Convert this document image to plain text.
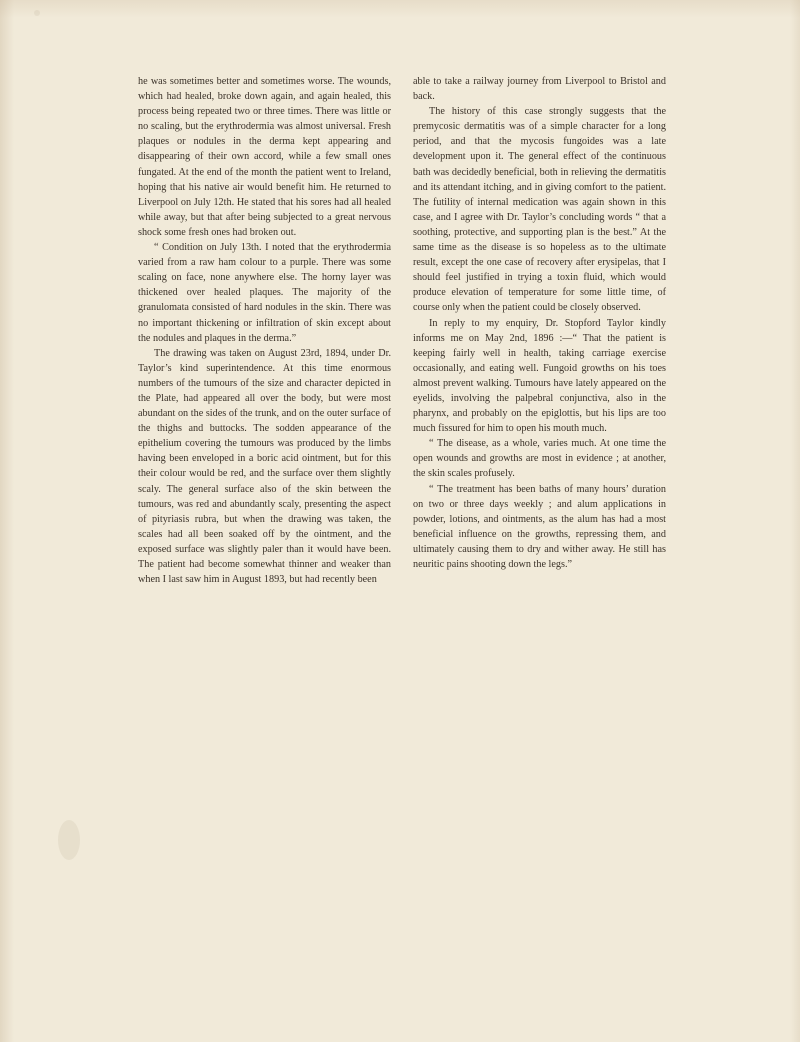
he was sometimes better and sometimes worse. The wounds, which had healed, broke down again, and again healed, this process being repeated two or three times. There was little or no scaling, but the erythrodermia was almost universal. Fresh plaques or nodules in the derma kept appearing and disappearing of their own accord, while a few small ones fungated. At the end of the month the patient went to Ireland, hoping that his native air would benefit him. He returned to Liverpool on July 12th. He stated that his sores had all healed while away, but that after being subjected to a great nervous shock some fresh ones had broken out.

“ Condition on July 13th. I noted that the erythrodermia varied from a raw ham colour to a purple. There was some scaling on face, none anywhere else. The horny layer was thickened over healed plaques. The majority of the granulomata consisted of hard nodules in the skin. There was no important thickening or infiltration of skin except about the nodules and plaques in the derma.”

The drawing was taken on August 23rd, 1894, under Dr. Taylor’s kind superintendence. At this time enormous numbers of the tumours of the size and character depicted in the Plate, had appeared all over the body, but were most abundant on the sides of the trunk, and on the outer surface of the thighs and buttocks. The sodden appearance of the epithelium covering the tumours was produced by the limbs having been enveloped in a boric acid ointment, but for this their colour would be red, and the surface over them slightly scaly. The general surface also of the skin between the tumours, was red and abundantly scaly, presenting the aspect of pityriasis rubra, but when the drawing was taken, the scales had all been soaked off by the ointment, and the exposed surface was slightly paler than it would have been. The patient had become somewhat thinner and weaker than when I last saw him in August 1893, but had recently been

able to take a railway journey from Liverpool to Bristol and back.

The history of this case strongly suggests that the premycosic dermatitis was of a simple character for a long period, and that the mycosis fungoides was a late development upon it. The general effect of the continuous bath was decidedly beneficial, both in relieving the dermatitis and its attendant itching, and in giving comfort to the patient. The futility of internal medication was again shown in this case, and I agree with Dr. Taylor’s concluding words “ that a soothing, protective, and supporting plan is the best.” At the same time as the disease is so hopeless as to the ultimate result, except the one case of recovery after erysipelas, that I should feel justified in trying a toxin fluid, which would produce elevation of temperature for some little time, of course only when the patient could be closely observed.

In reply to my enquiry, Dr. Stopford Taylor kindly informs me on May 2nd, 1896 :—“ That the patient is keeping fairly well in health, taking carriage exercise occasionally, and eating well. Fungoid growths on his toes almost prevent walking. Tumours have lately appeared on the eyelids, involving the palpebral conjunctiva, also in the pharynx, and probably on the epiglottis, but his lips are too much fissured for him to open his mouth much.

“ The disease, as a whole, varies much. At one time the open wounds and growths are most in evidence ; at another, the skin scales profusely.

“ The treatment has been baths of many hours’ duration on two or three days weekly ; and alum applications in powder, lotions, and ointments, as the alum has had a most beneficial influence on the growths, repressing them, and ultimately causing them to dry and wither away. He still has neuritic pains shooting down the legs.”
